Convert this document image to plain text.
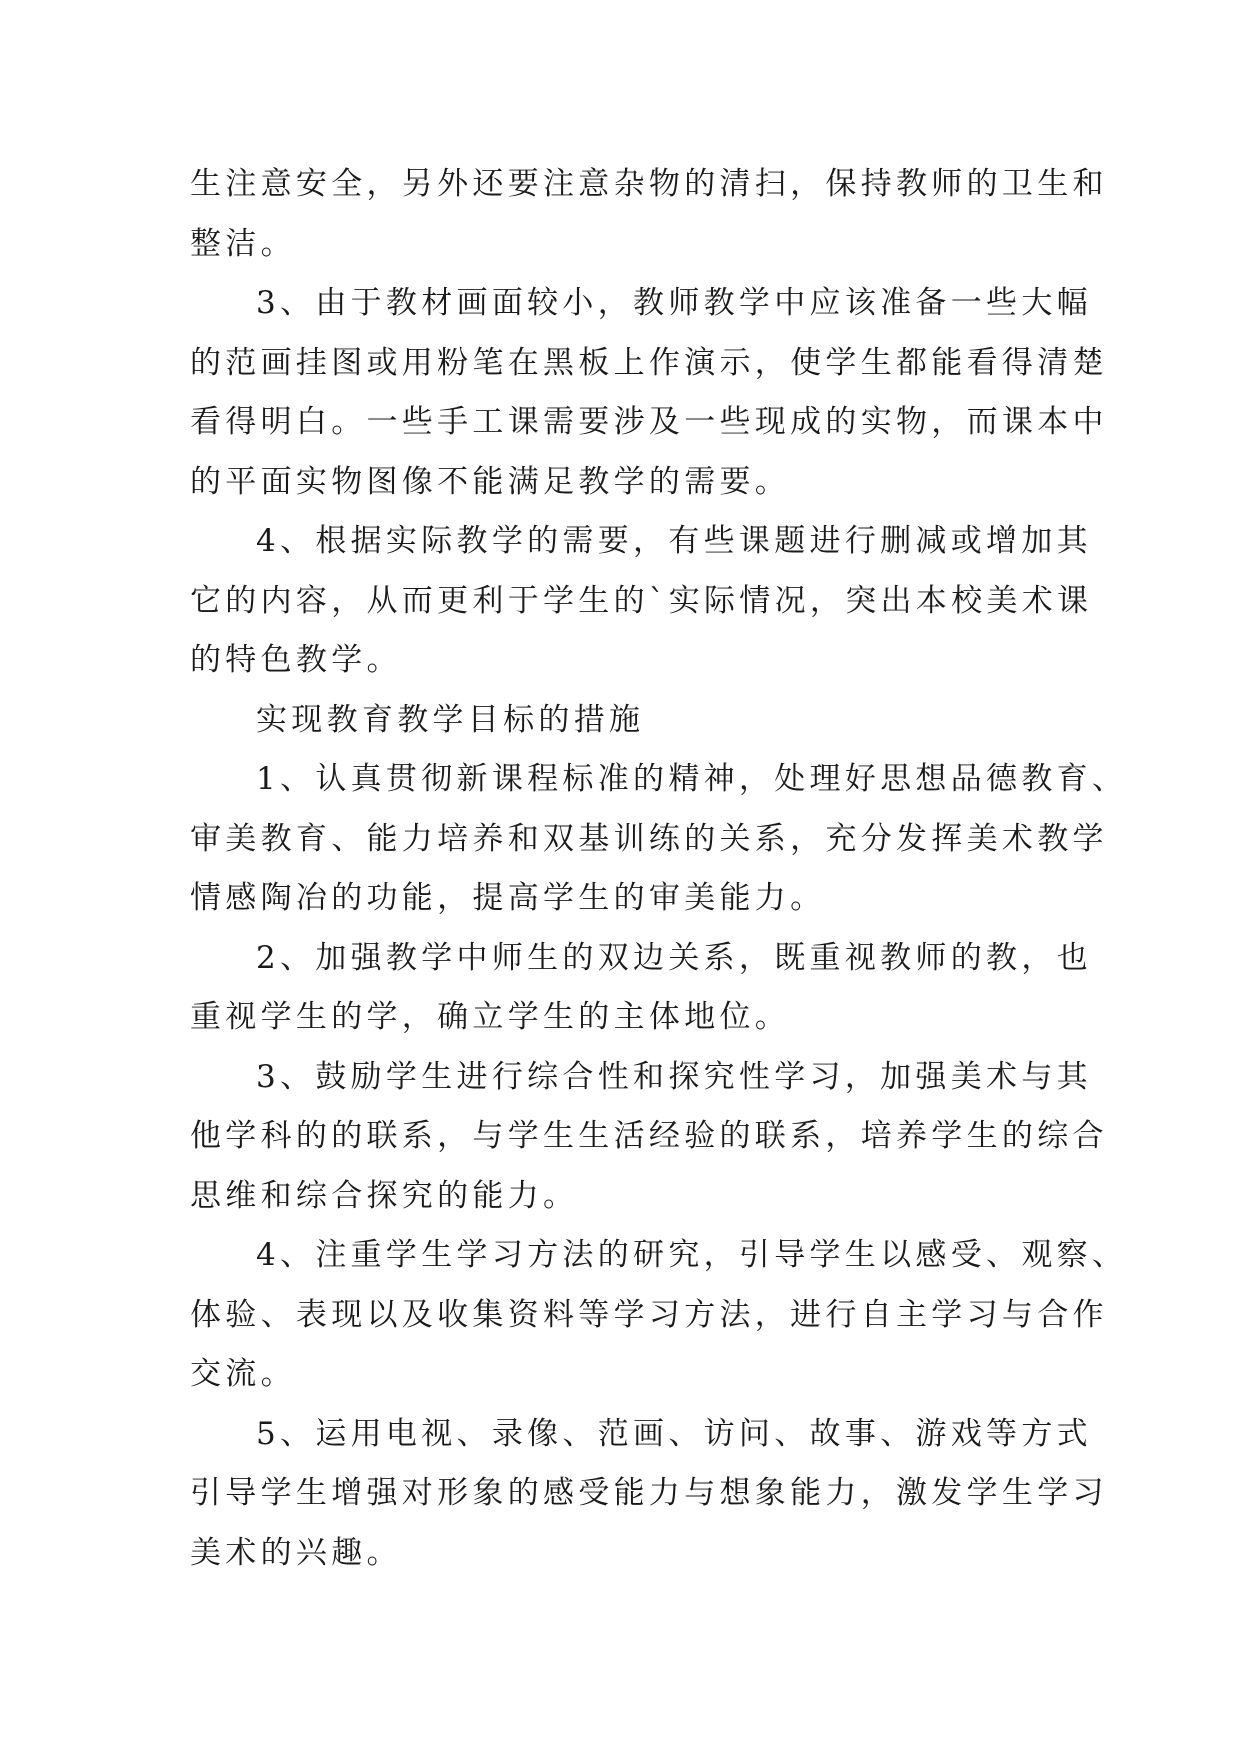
生注意安全，另外还要注意杂物的清扫，保持教师的卫生和
整洁。
3、由于教材画面较小，教师教学中应该准备一些大幅
的范画挂图或用粉笔在黑板上作演示，使学生都能看得清楚
看得明白。一些手工课需要涉及一些现成的实物，而课本中
的平面实物图像不能满足教学的需要。
4、根据实际教学的需要，有些课题进行删减或增加其
它的内容，从而更利于学生的`实际情况，突出本校美术课
的特色教学。
实现教育教学目标的措施
1、认真贯彻新课程标准的精神，处理好思想品德教育、
审美教育、能力培养和双基训练的关系，充分发挥美术教学
情感陶冶的功能，提高学生的审美能力。
2、加强教学中师生的双边关系，既重视教师的教，也
重视学生的学，确立学生的主体地位。
3、鼓励学生进行综合性和探究性学习，加强美术与其
他学科的的联系，与学生生活经验的联系，培养学生的综合
思维和综合探究的能力。
4、注重学生学习方法的研究，引导学生以感受、观察、
体验、表现以及收集资料等学习方法，进行自主学习与合作
交流。
5、运用电视、录像、范画、访问、故事、游戏等方式
引导学生增强对形象的感受能力与想象能力，激发学生学习
美术的兴趣。
